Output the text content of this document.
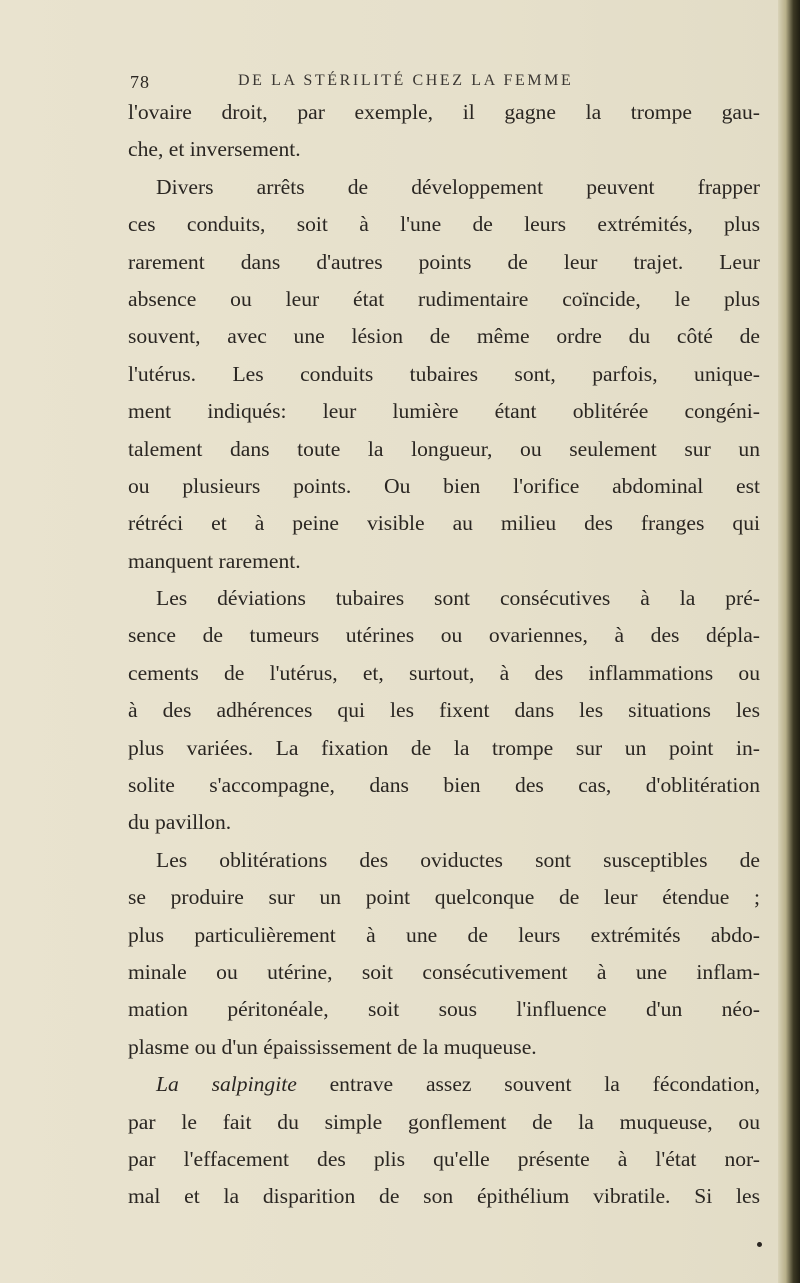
78	DE LA STÉRILITÉ CHEZ LA FEMME
l'ovaire droit, par exemple, il gagne la trompe gau-
che, et inversement.
Divers arrêts de développement peuvent frapper
ces conduits, soit à l'une de leurs extrémités, plus
rarement dans d'autres points de leur trajet. Leur
absence ou leur état rudimentaire coïncide, le plus
souvent, avec une lésion de même ordre du côté de
l'utérus. Les conduits tubaires sont, parfois, unique-
ment indiqués: leur lumière étant oblitérée congéni-
talement dans toute la longueur, ou seulement sur un
ou plusieurs points. Ou bien l'orifice abdominal est
rétréci et à peine visible au milieu des franges qui
manquent rarement.
Les déviations tubaires sont consécutives à la pré-
sence de tumeurs utérines ou ovariennes, à des dépla-
cements de l'utérus, et, surtout, à des inflammations ou
à des adhérences qui les fixent dans les situations les
plus variées. La fixation de la trompe sur un point in-
solite s'accompagne, dans bien des cas, d'oblitération
du pavillon.
Les oblitérations des oviductes sont susceptibles de
se produire sur un point quelconque de leur étendue ;
plus particulièrement à une de leurs extrémités abdo-
minale ou utérine, soit consécutivement à une inflam-
mation péritonéale, soit sous l'influence d'un néo-
plasme ou d'un épaississement de la muqueuse.
La salpingite entrave assez souvent la fécondation,
par le fait du simple gonflement de la muqueuse, ou
par l'effacement des plis qu'elle présente à l'état nor-
mal et la disparition de son épithélium vibratile. Si les
